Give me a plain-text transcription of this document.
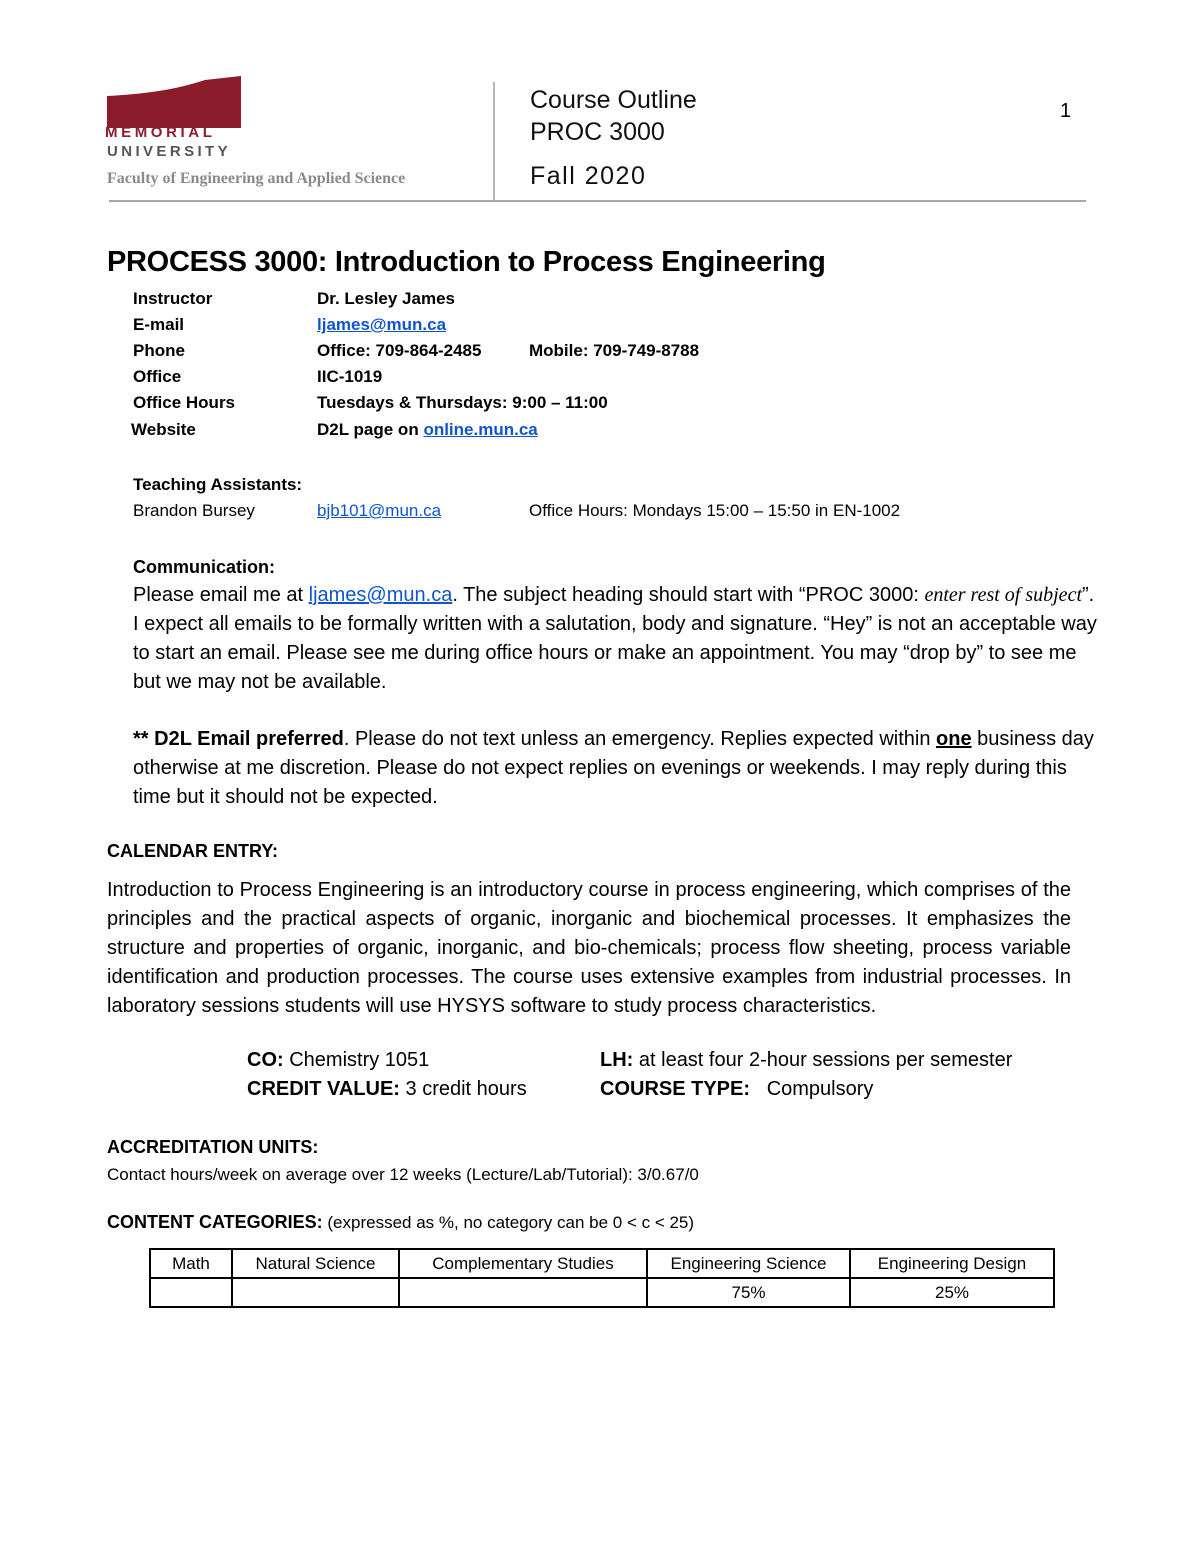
MEMORIAL
UNIVERSITY
Faculty of Engineering and Applied Science
Course Outline
PROC 3000
Fall 2020
1
PROCESS 3000: Introduction to Process Engineering
Instructor	Dr. Lesley James
E-mail	ljames@mun.ca
Phone	Office: 709-864-2485	Mobile: 709-749-8788
Office	IIC-1019
Office Hours	Tuesdays & Thursdays: 9:00 – 11:00
Website	D2L page on online.mun.ca
Teaching Assistants:
Brandon Bursey	bjb101@mun.ca	Office Hours: Mondays 15:00 – 15:50 in EN-1002
Communication:
Please email me at ljames@mun.ca. The subject heading should start with “PROC 3000: enter rest of subject”. I expect all emails to be formally written with a salutation, body and signature. “Hey” is not an acceptable way to start an email. Please see me during office hours or make an appointment. You may “drop by” to see me but we may not be available.
** D2L Email preferred. Please do not text unless an emergency. Replies expected within one business day otherwise at me discretion. Please do not expect replies on evenings or weekends. I may reply during this time but it should not be expected.
CALENDAR ENTRY:
Introduction to Process Engineering is an introductory course in process engineering, which comprises of the principles and the practical aspects of organic, inorganic and biochemical processes. It emphasizes the structure and properties of organic, inorganic, and bio-chemicals; process flow sheeting, process variable identification and production processes. The course uses extensive examples from industrial processes. In laboratory sessions students will use HYSYS software to study process characteristics.
CO: Chemistry 1051	LH: at least four 2-hour sessions per semester
CREDIT VALUE: 3 credit hours	COURSE TYPE:   Compulsory
ACCREDITATION UNITS:
Contact hours/week on average over 12 weeks (Lecture/Lab/Tutorial): 3/0.67/0
CONTENT CATEGORIES: (expressed as %, no category can be 0 < c < 25)
Math	Natural Science	Complementary Studies	Engineering Science	Engineering Design
			75%	25%
